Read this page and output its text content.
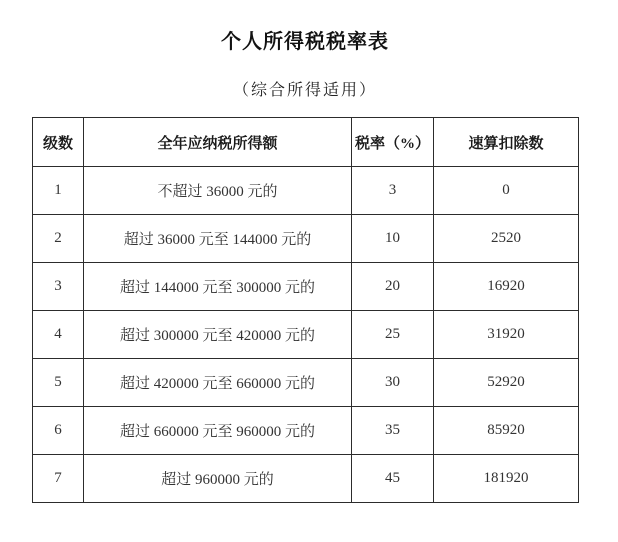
个人所得税税率表
（综合所得适用）
级数	全年应纳税所得额	税率（%）	速算扣除数
1	不超过 36000 元的	3	0
2	超过 36000 元至 144000 元的	10	2520
3	超过 144000 元至 300000 元的	20	16920
4	超过 300000 元至 420000 元的	25	31920
5	超过 420000 元至 660000 元的	30	52920
6	超过 660000 元至 960000 元的	35	85920
7	超过 960000 元的	45	181920
